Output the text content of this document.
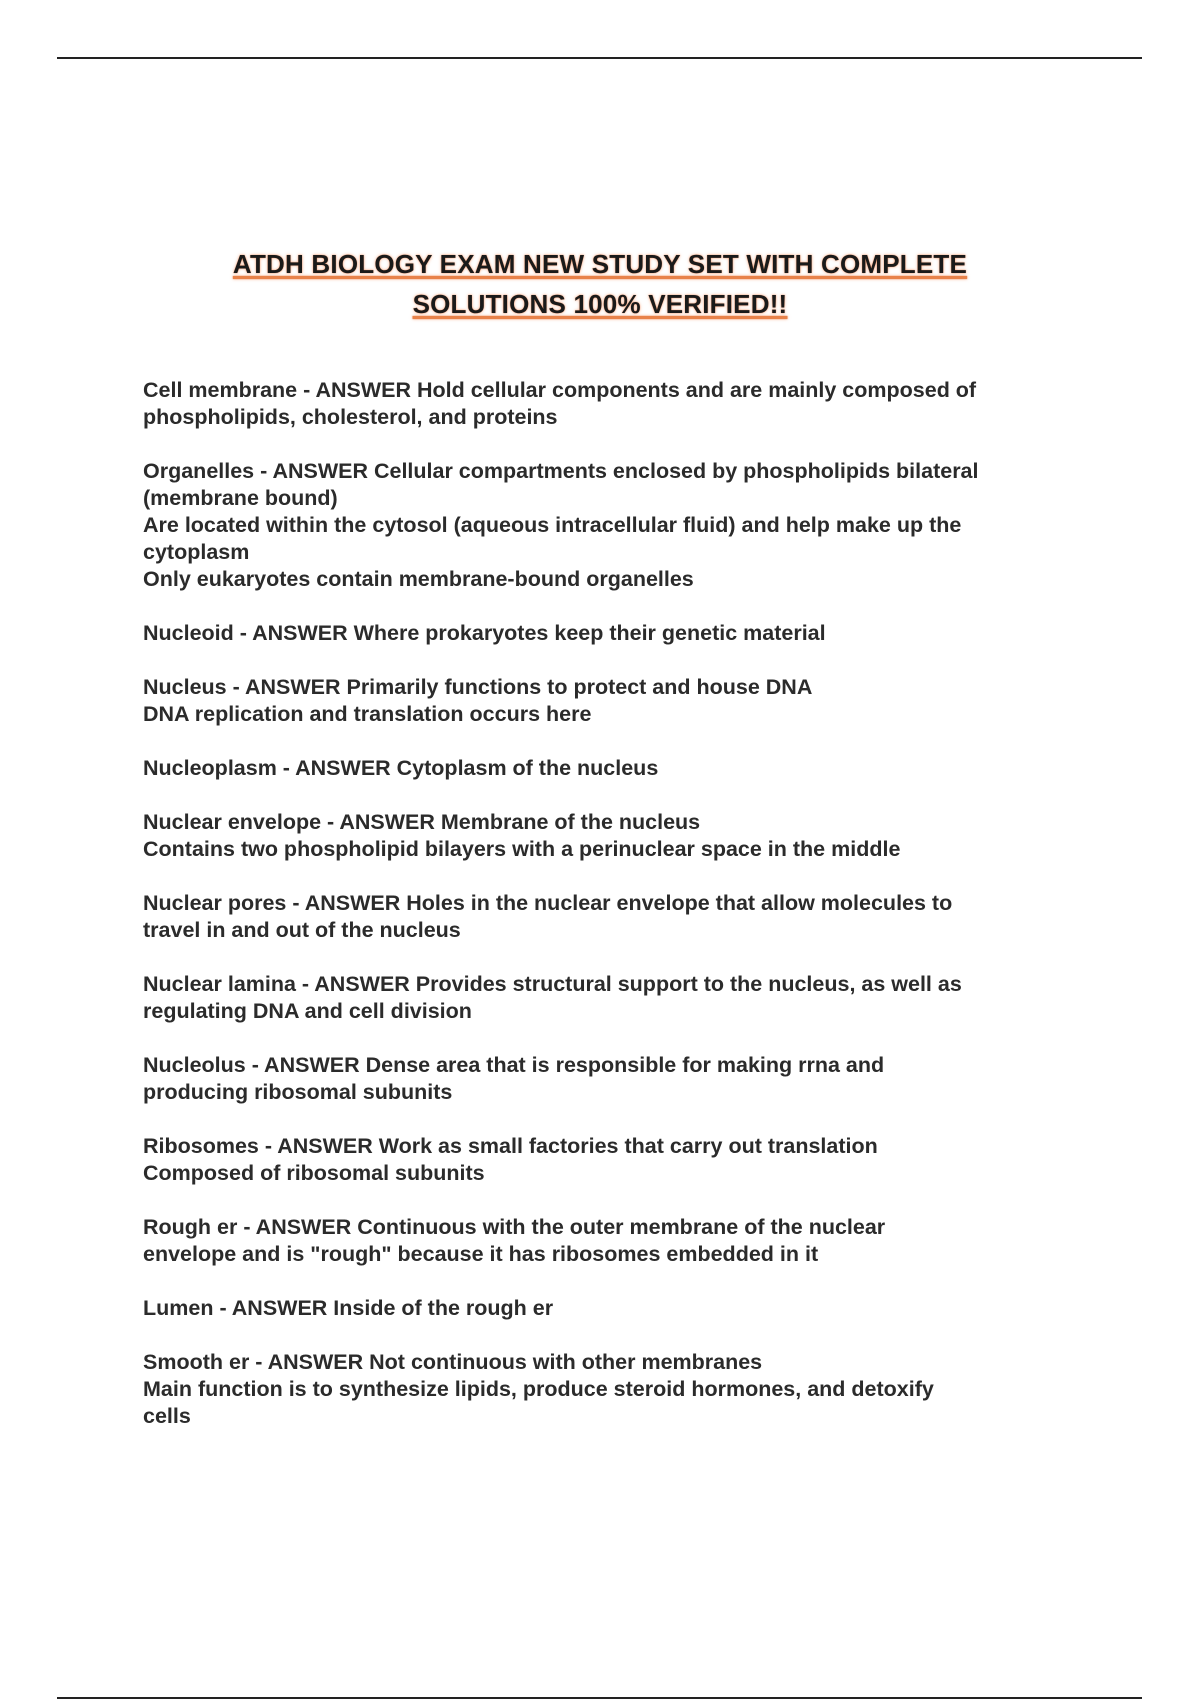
ATDH BIOLOGY EXAM NEW STUDY SET WITH COMPLETE
SOLUTIONS 100% VERIFIED!!
Cell membrane - ANSWER Hold cellular components and are mainly composed of
phospholipids, cholesterol, and proteins
Organelles - ANSWER Cellular compartments enclosed by phospholipids bilateral
(membrane bound)
Are located within the cytosol (aqueous intracellular fluid) and help make up the
cytoplasm
Only eukaryotes contain membrane-bound organelles
Nucleoid - ANSWER Where prokaryotes keep their genetic material
Nucleus - ANSWER Primarily functions to protect and house DNA
DNA replication and translation occurs here
Nucleoplasm - ANSWER Cytoplasm of the nucleus
Nuclear envelope - ANSWER Membrane of the nucleus
Contains two phospholipid bilayers with a perinuclear space in the middle
Nuclear pores - ANSWER Holes in the nuclear envelope that allow molecules to
travel in and out of the nucleus
Nuclear lamina - ANSWER Provides structural support to the nucleus, as well as
regulating DNA and cell division
Nucleolus - ANSWER Dense area that is responsible for making rrna and
producing ribosomal subunits
Ribosomes - ANSWER Work as small factories that carry out translation
Composed of ribosomal subunits
Rough er - ANSWER Continuous with the outer membrane of the nuclear
envelope and is "rough" because it has ribosomes embedded in it
Lumen - ANSWER Inside of the rough er
Smooth er - ANSWER Not continuous with other membranes
Main function is to synthesize lipids, produce steroid hormones, and detoxify
cells
